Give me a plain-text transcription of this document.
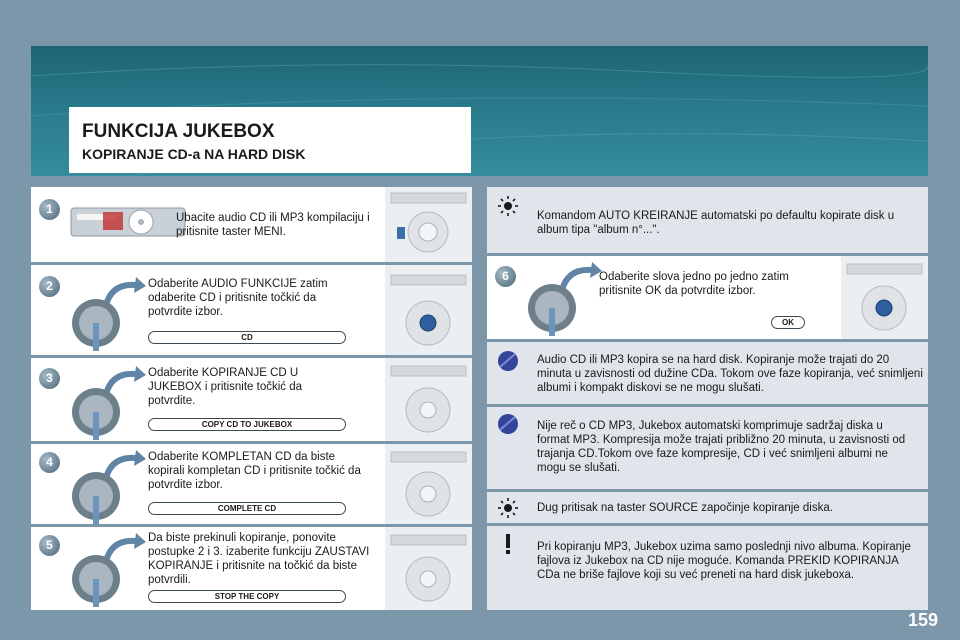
FUNKCIJA JUKEBOX
KOPIRANJE CD-a NA HARD DISK
1
Ubacite audio CD ili MP3 kompilaciju i pritisnite taster MENI.
2	Odaberite AUDIO FUNKCIJE zatim odaberite CD i pritisnite točkić da potvrdite izbor.
CD
3	Odaberite KOPIRANJE CD U JUKEBOX i pritisnite točkić da potvrdite.
COPY CD TO JUKEBOX
4	Odaberite KOMPLETAN CD da biste kopirali kompletan CD i pritisnite točkić da potvrdite izbor.
COMPLETE CD
5	Da biste prekinuli kopiranje, ponovite postupke 2 i 3. izaberite funkciju ZAUSTAVI KOPIRANJE i pritisnite na točkić da biste potvrdili.
STOP THE COPY
Komandom AUTO KREIRANJE automatski po defaultu kopirate disk u album tipa "album n°...".
6	Odaberite slova jedno po jedno zatim pritisnite OK da potvrdite izbor.
OK
Audio CD ili MP3 kopira se na hard disk. Kopiranje može trajati do 20 minuta u zavisnosti od dužine CDa. Tokom ove faze kopiranja, već snimljeni albumi i kompakt diskovi se ne mogu slušati.
Nije reč o CD MP3, Jukebox automatski komprimuje sadržaj diska u format MP3. Kompresija može trajati približno 20 minuta, u zavisnosti od trajanja CD.Tokom ove faze kompresije, CD i već snimljeni albumi ne mogu se slušati.
Dug pritisak na taster SOURCE započinje kopiranje diska.
Pri kopiranju MP3, Jukebox uzima samo poslednji nivo albuma. Kopiranje fajlova iz Jukebox na CD nije moguće. Komanda PREKID KOPIRANJA CDa ne briše fajlove koji su već preneti na hard disk jukeboxa.
159
